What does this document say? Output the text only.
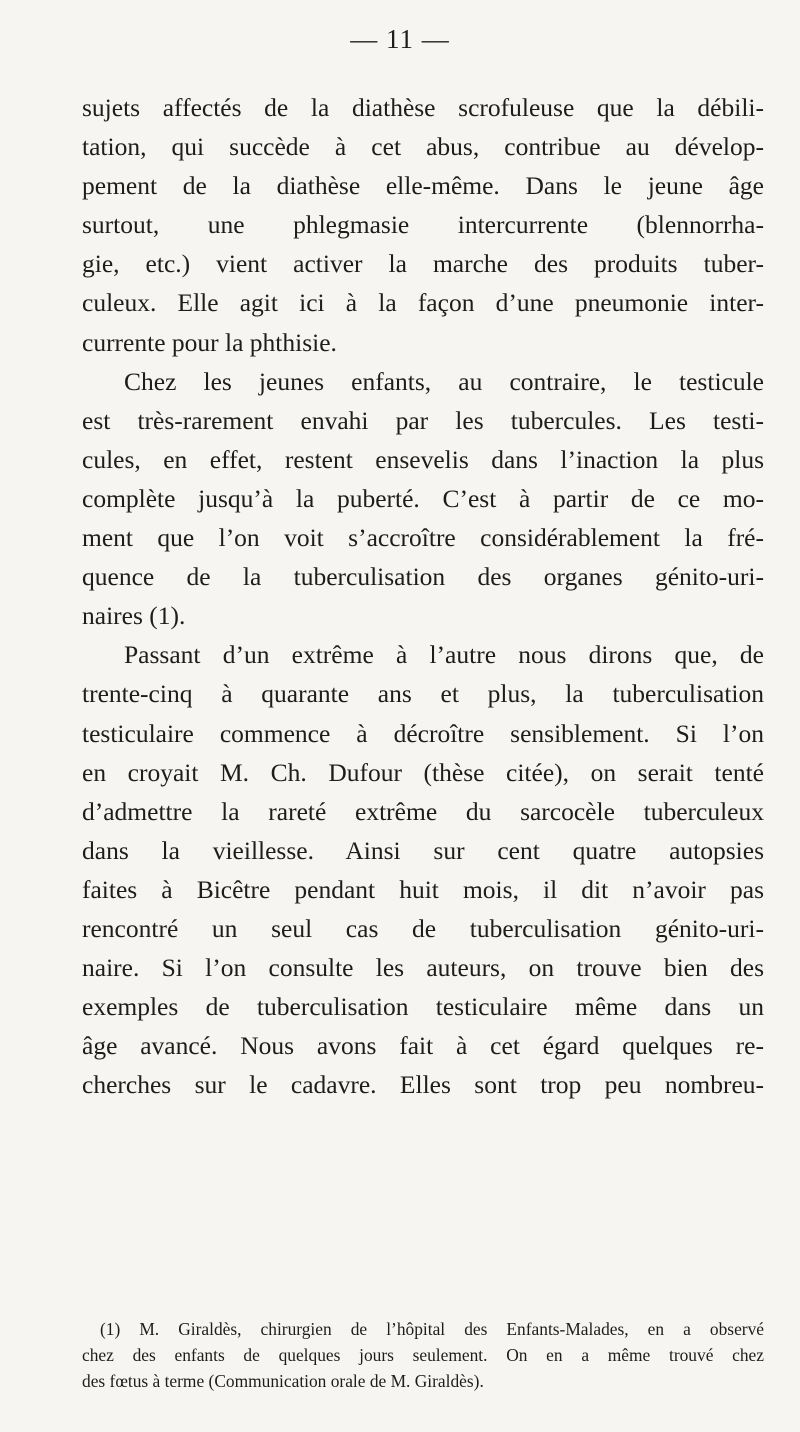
— 11 —
sujets affectés de la diathèse scrofuleuse que la débili-
tation, qui succède à cet abus, contribue au dévelop-
pement de la diathèse elle-même. Dans le jeune âge
surtout, une phlegmasie intercurrente (blennorrha-
gie, etc.) vient activer la marche des produits tuber-
culeux. Elle agit ici à la façon d’une pneumonie inter-
currente pour la phthisie.
Chez les jeunes enfants, au contraire, le testicule
est très-rarement envahi par les tubercules. Les testi-
cules, en effet, restent ensevelis dans l’inaction la plus
complète jusqu’à la puberté. C’est à partir de ce mo-
ment que l’on voit s’accroître considérablement la fré-
quence de la tuberculisation des organes génito-uri-
naires (1).
Passant d’un extrême à l’autre nous dirons que, de
trente-cinq à quarante ans et plus, la tuberculisation
testiculaire commence à décroître sensiblement. Si l’on
en croyait M. Ch. Dufour (thèse citée), on serait tenté
d’admettre la rareté extrême du sarcocèle tuberculeux
dans la vieillesse. Ainsi sur cent quatre autopsies
faites à Bicêtre pendant huit mois, il dit n’avoir pas
rencontré un seul cas de tuberculisation génito-uri-
naire. Si l’on consulte les auteurs, on trouve bien des
exemples de tuberculisation testiculaire même dans un
âge avancé. Nous avons fait à cet égard quelques re-
cherches sur le cadavre. Elles sont trop peu nombreu-
(1) M. Giraldès, chirurgien de l’hôpital des Enfants-Malades, en a observé
chez des enfants de quelques jours seulement. On en a même trouvé chez
des fœtus à terme (Communication orale de M. Giraldès).
